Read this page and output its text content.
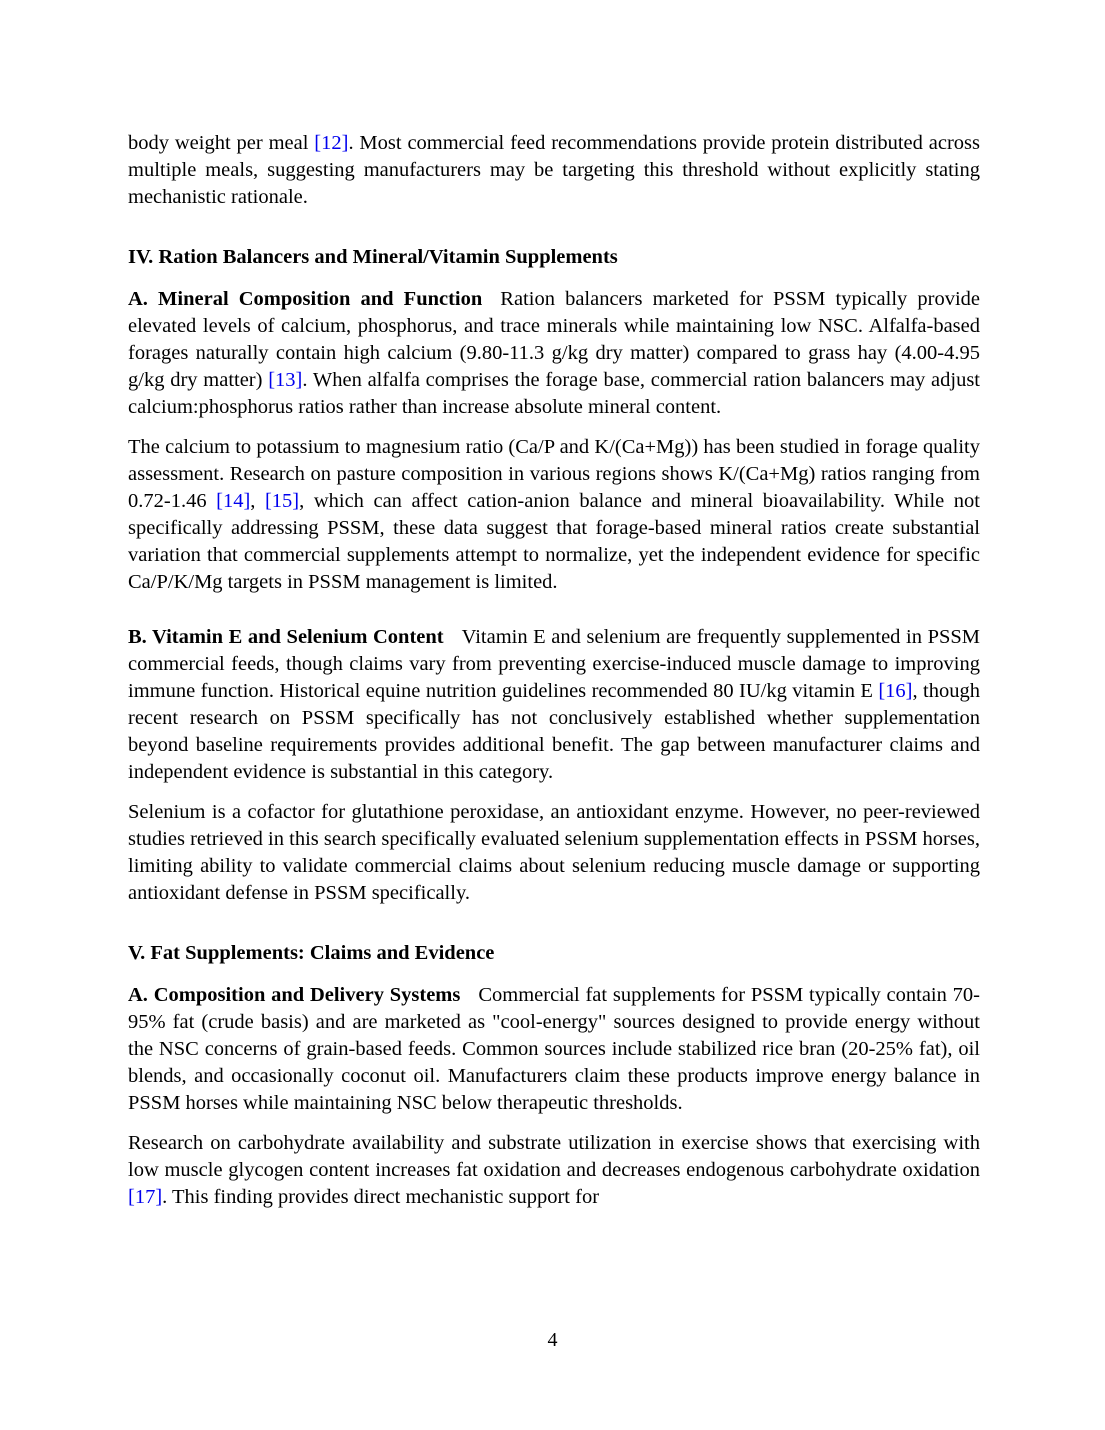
body weight per meal [12]. Most commercial feed recommendations provide protein distributed across multiple meals, suggesting manufacturers may be targeting this threshold without explicitly stating mechanistic rationale.

IV. Ration Balancers and Mineral/Vitamin Supplements

A. Mineral Composition and Function Ration balancers marketed for PSSM typically provide elevated levels of calcium, phosphorus, and trace minerals while maintaining low NSC. Alfalfa-based forages naturally contain high calcium (9.80-11.3 g/kg dry matter) compared to grass hay (4.00-4.95 g/kg dry matter) [13]. When alfalfa comprises the forage base, commercial ration balancers may adjust calcium:phosphorus ratios rather than increase absolute mineral content.

The calcium to potassium to magnesium ratio (Ca/P and K/(Ca+Mg)) has been studied in forage quality assessment. Research on pasture composition in various regions shows K/(Ca+Mg) ratios ranging from 0.72-1.46 [14], [15], which can affect cation-anion balance and mineral bioavailability. While not specifically addressing PSSM, these data suggest that forage-based mineral ratios create substantial variation that commercial supplements attempt to normalize, yet the independent evidence for specific Ca/P/K/Mg targets in PSSM management is limited.

B. Vitamin E and Selenium Content Vitamin E and selenium are frequently supplemented in PSSM commercial feeds, though claims vary from preventing exercise-induced muscle damage to improving immune function. Historical equine nutrition guidelines recommended 80 IU/kg vitamin E [16], though recent research on PSSM specifically has not conclusively established whether supplementation beyond baseline requirements provides additional benefit. The gap between manufacturer claims and independent evidence is substantial in this category.

Selenium is a cofactor for glutathione peroxidase, an antioxidant enzyme. However, no peer-reviewed studies retrieved in this search specifically evaluated selenium supplementation effects in PSSM horses, limiting ability to validate commercial claims about selenium reducing muscle damage or supporting antioxidant defense in PSSM specifically.

V. Fat Supplements: Claims and Evidence

A. Composition and Delivery Systems Commercial fat supplements for PSSM typically contain 70-95% fat (crude basis) and are marketed as "cool-energy" sources designed to provide energy without the NSC concerns of grain-based feeds. Common sources include stabilized rice bran (20-25% fat), oil blends, and occasionally coconut oil. Manufacturers claim these products improve energy balance in PSSM horses while maintaining NSC below therapeutic thresholds.

Research on carbohydrate availability and substrate utilization in exercise shows that exercising with low muscle glycogen content increases fat oxidation and decreases endogenous carbohydrate oxidation [17]. This finding provides direct mechanistic support for

4
